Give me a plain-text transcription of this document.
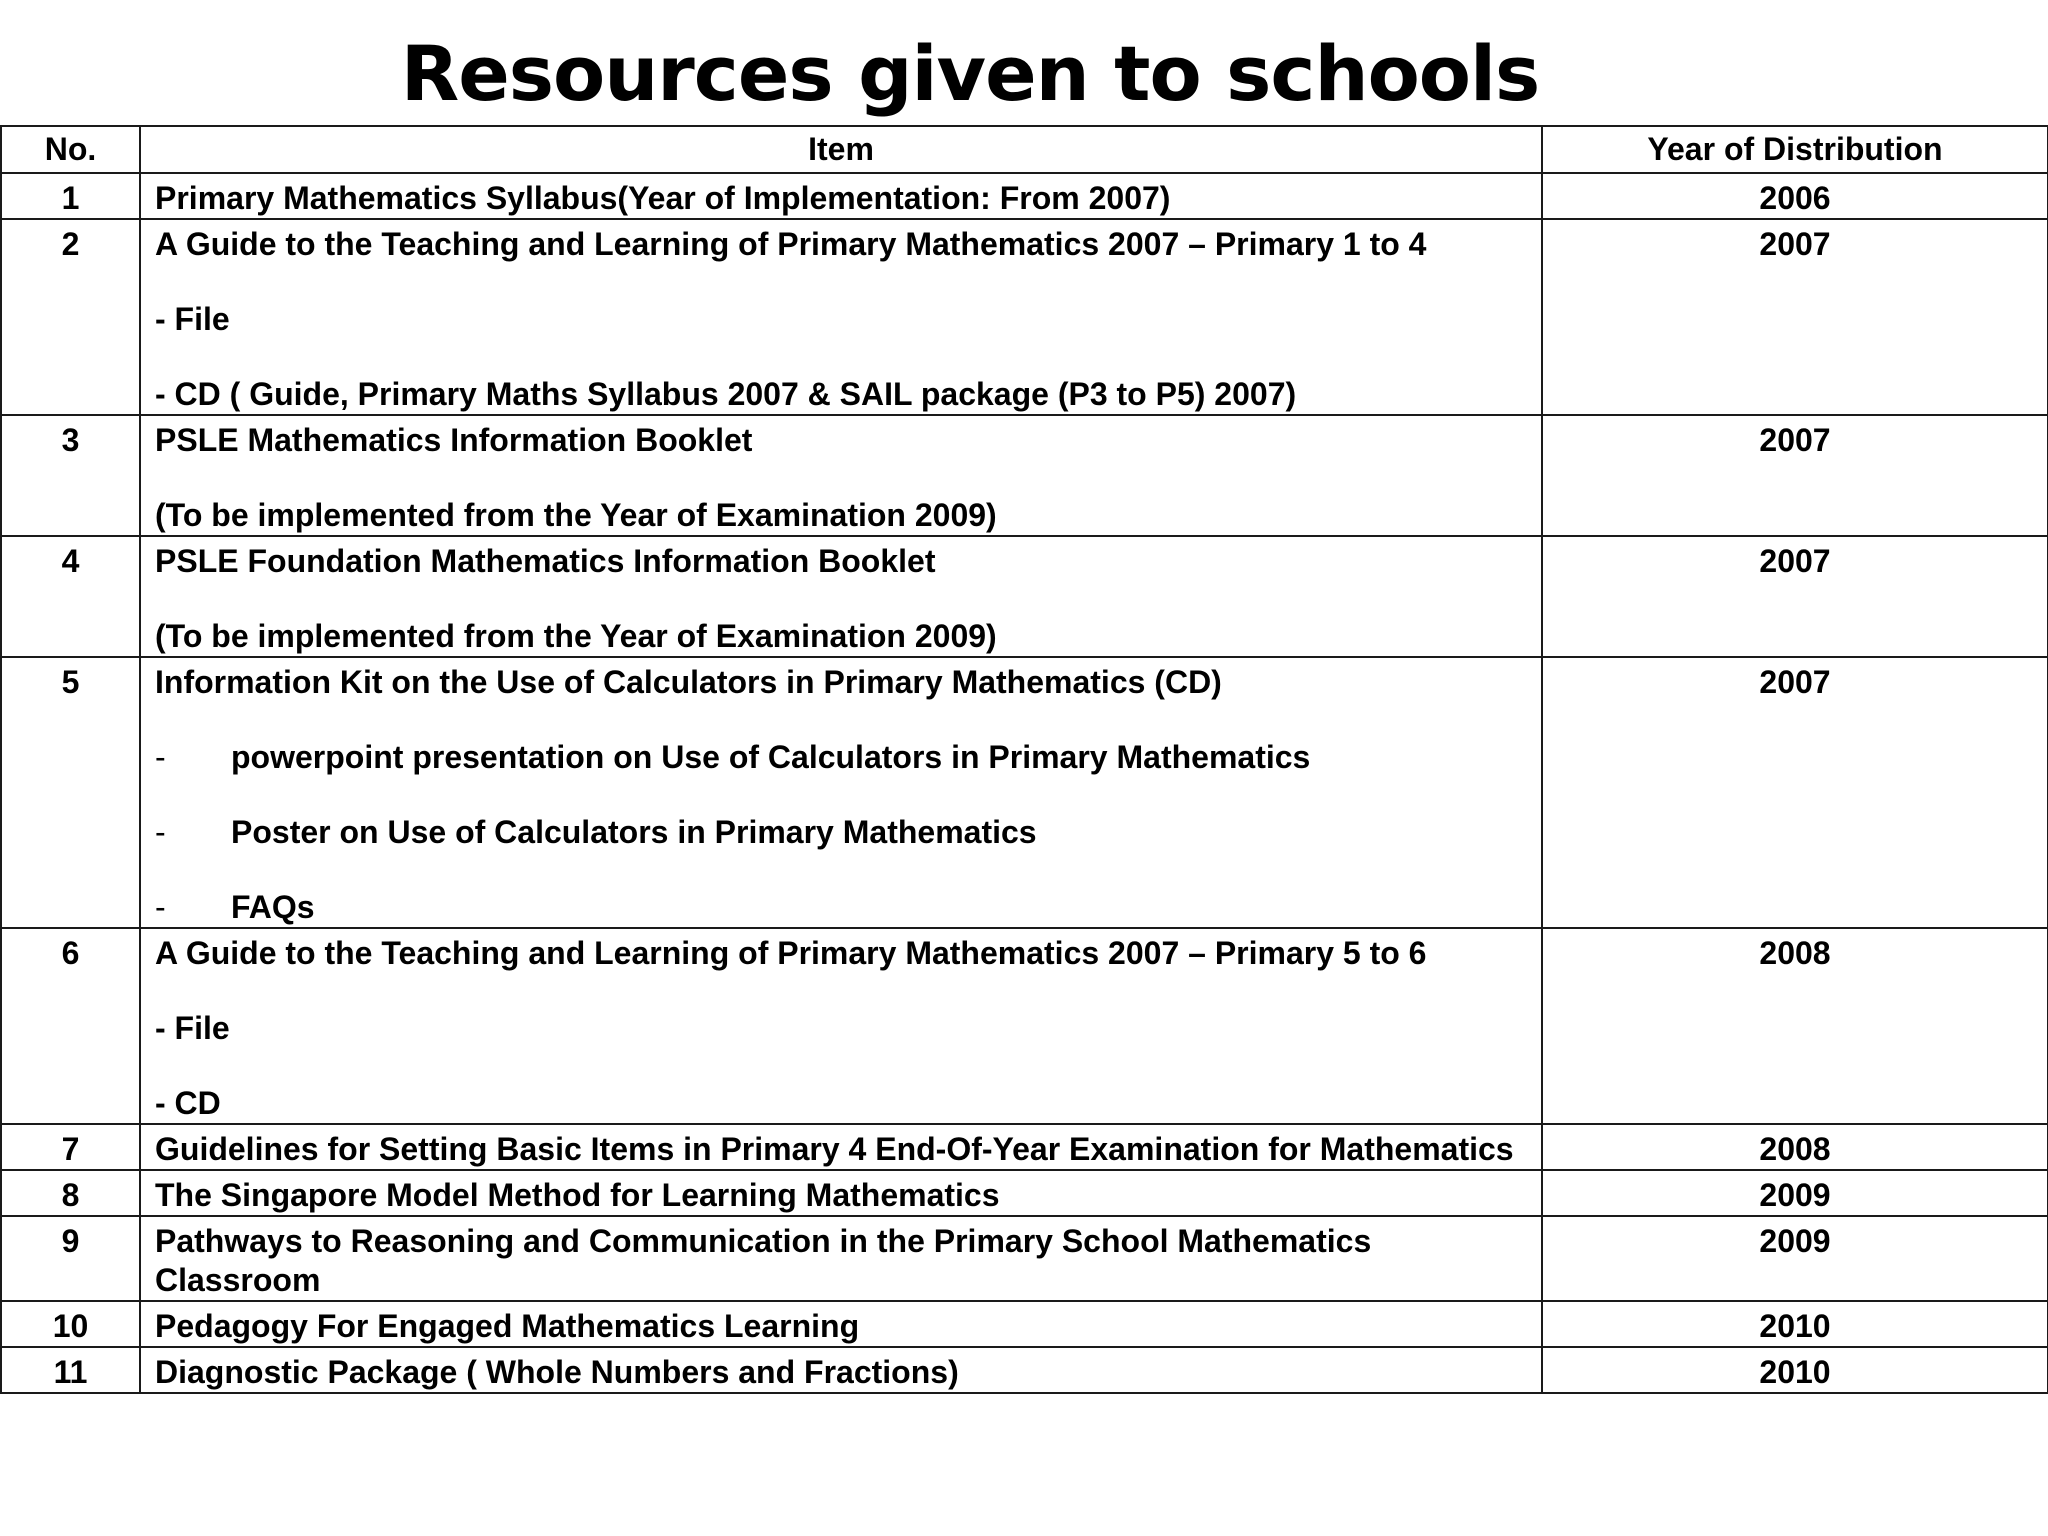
Resources given to schools
No.	Item	Year of Distribution
1	Primary Mathematics Syllabus(Year of Implementation: From 2007)	2006
2	A Guide to the Teaching and Learning of Primary Mathematics 2007 – Primary 1 to 4
- File
- CD ( Guide, Primary Maths Syllabus 2007 & SAIL package (P3 to P5) 2007)	2007
3	PSLE Mathematics Information Booklet
(To be implemented from the Year of Examination 2009)	2007
4	PSLE Foundation Mathematics Information Booklet
(To be implemented from the Year of Examination 2009)	2007
5	Information Kit on the Use of Calculators in Primary Mathematics (CD)
- powerpoint presentation on Use of Calculators in Primary Mathematics
- Poster on Use of Calculators in Primary Mathematics
- FAQs	2007
6	A Guide to the Teaching and Learning of Primary Mathematics 2007 – Primary 5 to 6
- File
- CD	2008
7	Guidelines for Setting Basic Items in Primary 4 End-Of-Year Examination for Mathematics	2008
8	The Singapore Model Method for Learning Mathematics	2009
9	Pathways to Reasoning and Communication in the Primary School Mathematics Classroom	2009
10	Pedagogy For Engaged Mathematics Learning	2010
11	Diagnostic Package ( Whole Numbers and Fractions)	2010
